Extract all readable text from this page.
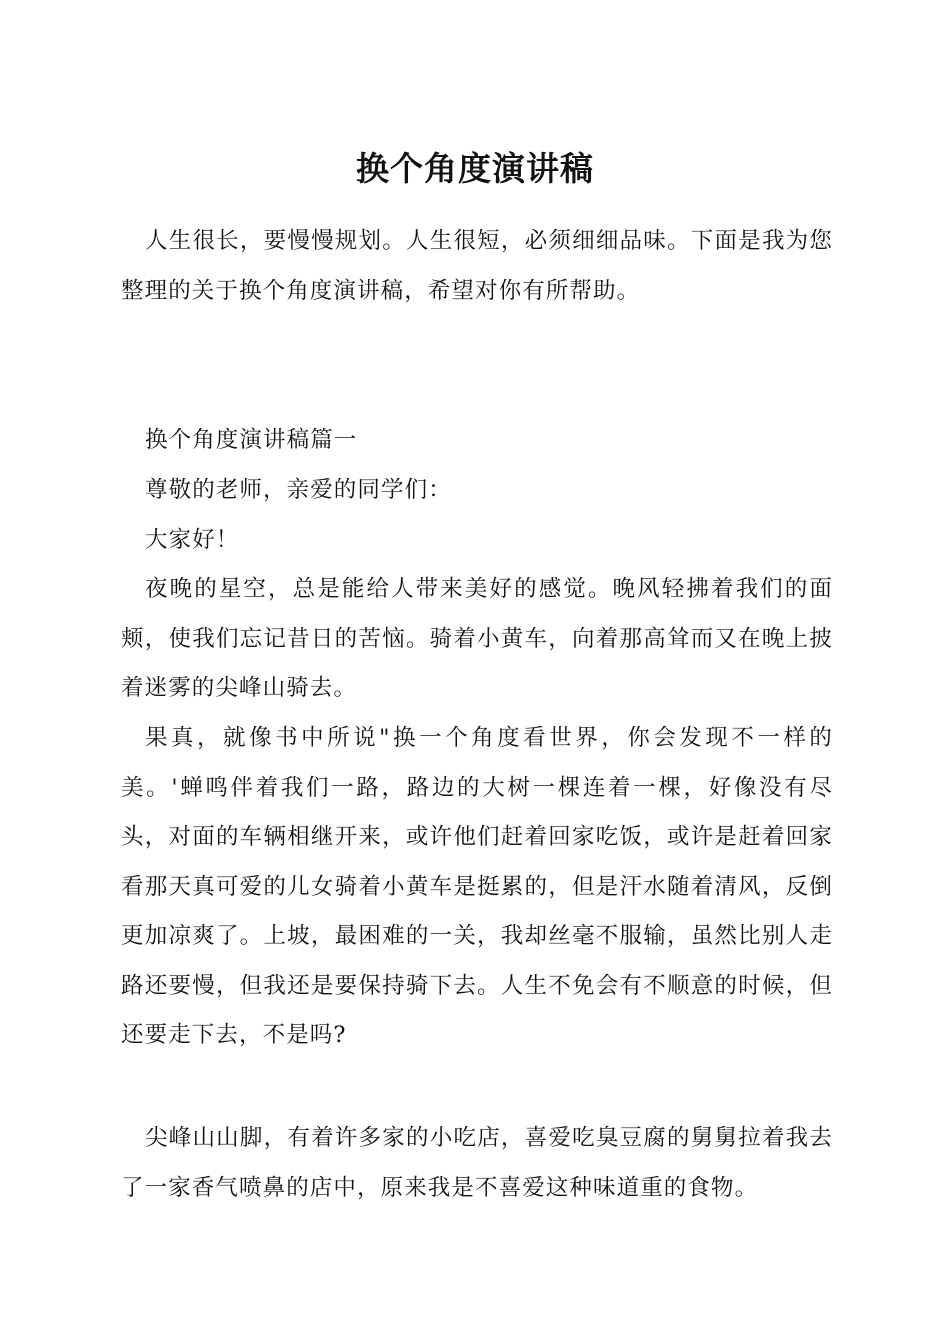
换个角度演讲稿
人生很长，要慢慢规划。人生很短，必须细细品味。下面是我为您整理的关于换个角度演讲稿，希望对你有所帮助。
换个角度演讲稿篇一
尊敬的老师，亲爱的同学们：
大家好！
夜晚的星空，总是能给人带来美好的感觉。晚风轻拂着我们的面颊，使我们忘记昔日的苦恼。骑着小黄车，向着那高耸而又在晚上披着迷雾的尖峰山骑去。
果真，就像书中所说"换一个角度看世界，你会发现不一样的美。'蝉鸣伴着我们一路，路边的大树一棵连着一棵，好像没有尽头，对面的车辆相继开来，或许他们赶着回家吃饭，或许是赶着回家看那天真可爱的儿女骑着小黄车是挺累的，但是汗水随着清风，反倒更加凉爽了。上坡，最困难的一关，我却丝毫不服输，虽然比别人走路还要慢，但我还是要保持骑下去。人生不免会有不顺意的时候，但还要走下去，不是吗?
尖峰山山脚，有着许多家的小吃店，喜爱吃臭豆腐的舅舅拉着我去了一家香气喷鼻的店中，原来我是不喜爱这种味道重的食物。
